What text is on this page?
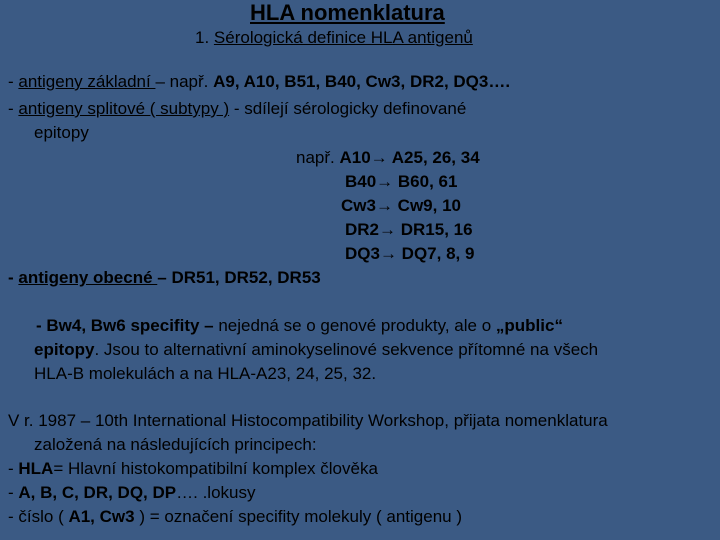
HLA nomenklatura
1. Sérologická definice HLA antigenů
- antigeny základní – např. A9, A10, B51, B40, Cw3, DR2, DQ3….
- antigeny splitové ( subtypy ) - sdílejí sérologicky definované
epitopy
např. A10→ A25, 26, 34
B40→ B60, 61
Cw3→ Cw9, 10
DR2→ DR15, 16
DQ3→ DQ7, 8, 9
- antigeny obecné – DR51, DR52, DR53
- Bw4, Bw6 specifity – nejedná se o genové produkty, ale o „public“
epitopy. Jsou to alternativní aminokyselinové sekvence přítomné na všech
HLA-B molekulách a na HLA-A23, 24, 25, 32.
V r. 1987 – 10th International Histocompatibility Workshop, přijata nomenklatura
založená na následujících principech:
- HLA= Hlavní histokompatibilní komplex člověka
- A, B, C, DR, DQ, DP…. .lokusy
- číslo ( A1, Cw3 ) = označení specifity molekuly ( antigenu )
